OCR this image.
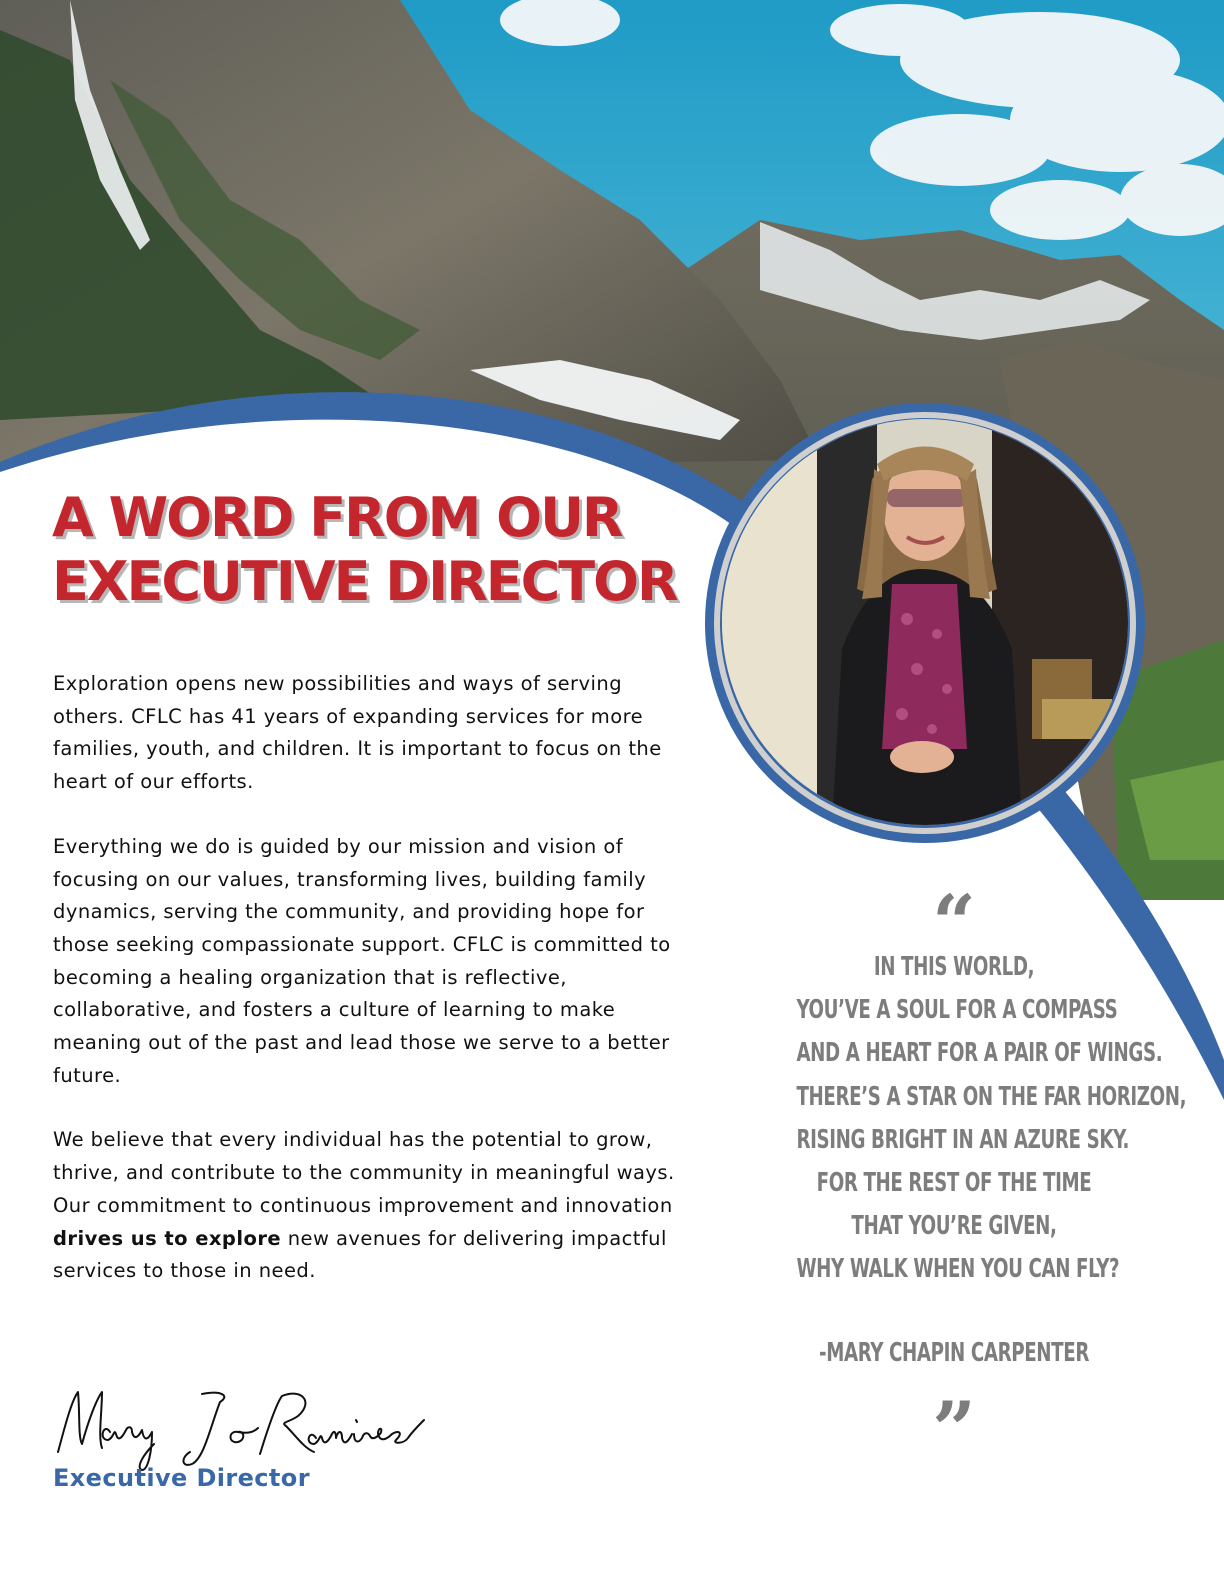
A WORD FROM OUR
EXECUTIVE DIRECTOR

Exploration opens new possibilities and ways of serving others. CFLC has 41 years of expanding services for more families, youth, and children. It is important to focus on the heart of our efforts.

Everything we do is guided by our mission and vision of focusing on our values, transforming lives, building family dynamics, serving the community, and providing hope for those seeking compassionate support. CFLC is committed to becoming a healing organization that is reflective, collaborative, and fosters a culture of learning to make meaning out of the past and lead those we serve to a better future.

We believe that every individual has the potential to grow, thrive, and contribute to the community in meaningful ways. Our commitment to continuous improvement and innovation drives us to explore new avenues for delivering impactful services to those in need.

Executive Director

“
IN THIS WORLD,
YOU’VE A SOUL FOR A COMPASS
AND A HEART FOR A PAIR OF WINGS.
THERE’S A STAR ON THE FAR HORIZON,
RISING BRIGHT IN AN AZURE SKY.
FOR THE REST OF THE TIME
THAT YOU’RE GIVEN,
WHY WALK WHEN YOU CAN FLY?
-MARY CHAPIN CARPENTER
”
